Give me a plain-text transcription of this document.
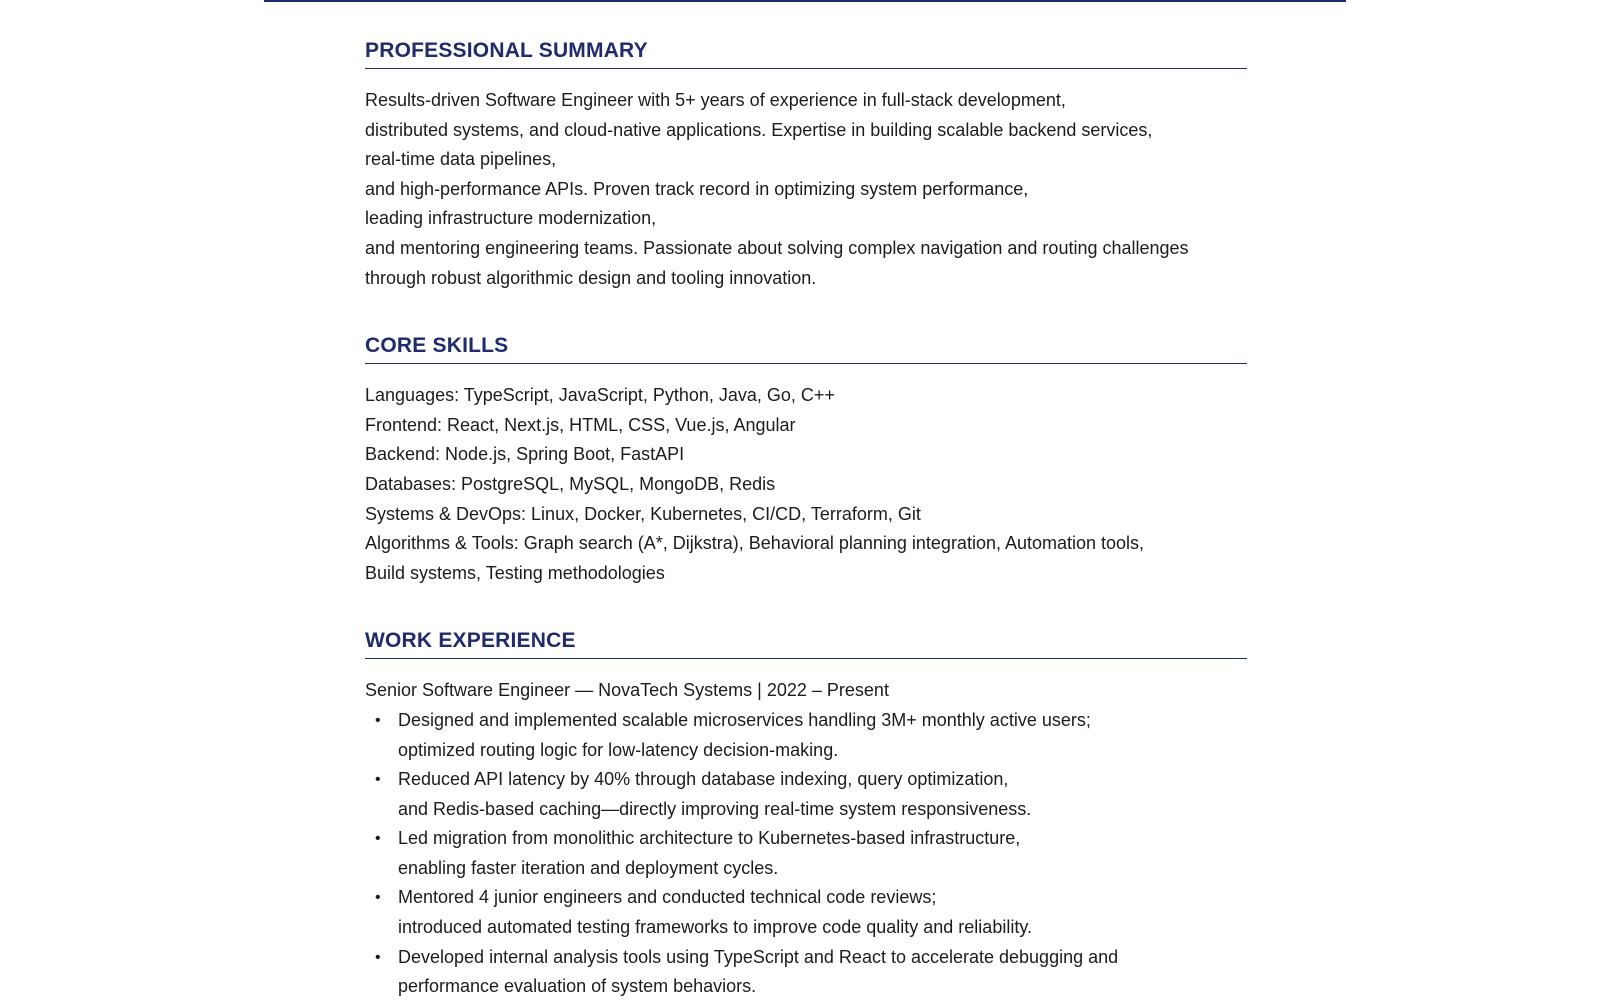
PROFESSIONAL SUMMARY
Results-driven Software Engineer with 5+ years of experience in full-stack development,
distributed systems, and cloud-native applications. Expertise in building scalable backend services,
real-time data pipelines,
and high-performance APIs. Proven track record in optimizing system performance,
leading infrastructure modernization,
and mentoring engineering teams. Passionate about solving complex navigation and routing challenges
through robust algorithmic design and tooling innovation.
CORE SKILLS
Languages: TypeScript, JavaScript, Python, Java, Go, C++
Frontend: React, Next.js, HTML, CSS, Vue.js, Angular
Backend: Node.js, Spring Boot, FastAPI
Databases: PostgreSQL, MySQL, MongoDB, Redis
Systems & DevOps: Linux, Docker, Kubernetes, CI/CD, Terraform, Git
Algorithms & Tools: Graph search (A*, Dijkstra), Behavioral planning integration, Automation tools,
Build systems, Testing methodologies
WORK EXPERIENCE
Senior Software Engineer — NovaTech Systems | 2022 – Present
• Designed and implemented scalable microservices handling 3M+ monthly active users;
optimized routing logic for low-latency decision-making.
• Reduced API latency by 40% through database indexing, query optimization,
and Redis-based caching—directly improving real-time system responsiveness.
• Led migration from monolithic architecture to Kubernetes-based infrastructure,
enabling faster iteration and deployment cycles.
• Mentored 4 junior engineers and conducted technical code reviews;
introduced automated testing frameworks to improve code quality and reliability.
• Developed internal analysis tools using TypeScript and React to accelerate debugging and
performance evaluation of system behaviors.
